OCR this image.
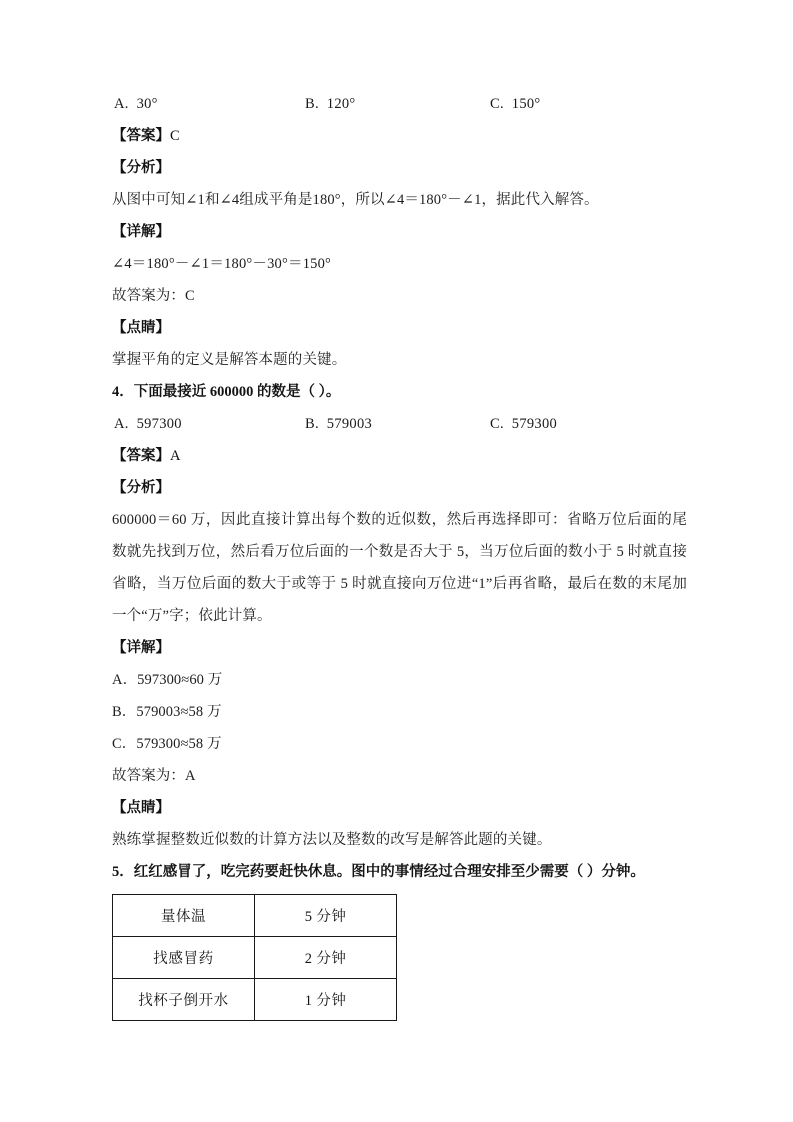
A. 30°	B. 120°	C. 150°
【答案】C
【分析】
从图中可知∠1和∠4组成平角是180°，所以∠4＝180°－∠1，据此代入解答。
【详解】
∠4＝180°－∠1＝180°－30°＝150°
故答案为：C
【点睛】
掌握平角的定义是解答本题的关键。
4．下面最接近 600000 的数是（ ）。
A. 597300	B. 579003	C. 579300
【答案】A
【分析】
600000＝60 万，因此直接计算出每个数的近似数，然后再选择即可：省略万位后面的尾数就先找到万位，然后看万位后面的一个数是否大于 5，当万位后面的数小于 5 时就直接省略，当万位后面的数大于或等于 5 时就直接向万位进“1”后再省略，最后在数的末尾加一个“万”字；依此计算。
【详解】
A．597300≈60 万
B．579003≈58 万
C．579300≈58 万
故答案为：A
【点睛】
熟练掌握整数近似数的计算方法以及整数的改写是解答此题的关键。
5．红红感冒了，吃完药要赶快休息。图中的事情经过合理安排至少需要（ ）分钟。
量体温	5 分钟
找感冒药	2 分钟
找杯子倒开水	1 分钟
